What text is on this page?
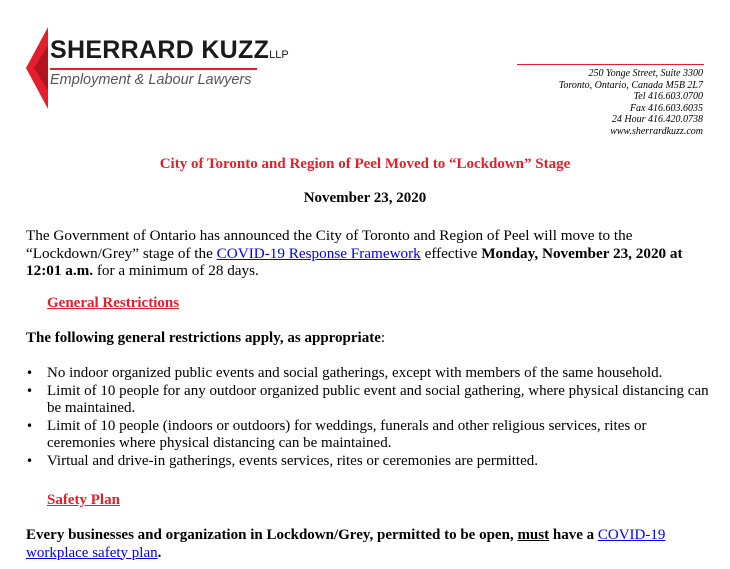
SHERRARD KUZZLLP
Employment & Labour Lawyers	250 Yonge Street, Suite 3300
Toronto, Ontario, Canada M5B 2L7
Tel 416.603.0700
Fax 416.603.6035
24 Hour 416.420.0738
www.sherrardkuzz.com
City of Toronto and Region of Peel Moved to “Lockdown” Stage
November 23, 2020
The Government of Ontario has announced the City of Toronto and Region of Peel will move to the “Lockdown/Grey” stage of the COVID-19 Response Framework effective Monday, November 23, 2020 at 12:01 a.m. for a minimum of 28 days.
General Restrictions
The following general restrictions apply, as appropriate:
• No indoor organized public events and social gatherings, except with members of the same household.
• Limit of 10 people for any outdoor organized public event and social gathering, where physical distancing can be maintained.
• Limit of 10 people (indoors or outdoors) for weddings, funerals and other religious services, rites or ceremonies where physical distancing can be maintained.
• Virtual and drive-in gatherings, events services, rites or ceremonies are permitted.
Safety Plan
Every businesses and organization in Lockdown/Grey, permitted to be open, must have a COVID-19 workplace safety plan.
